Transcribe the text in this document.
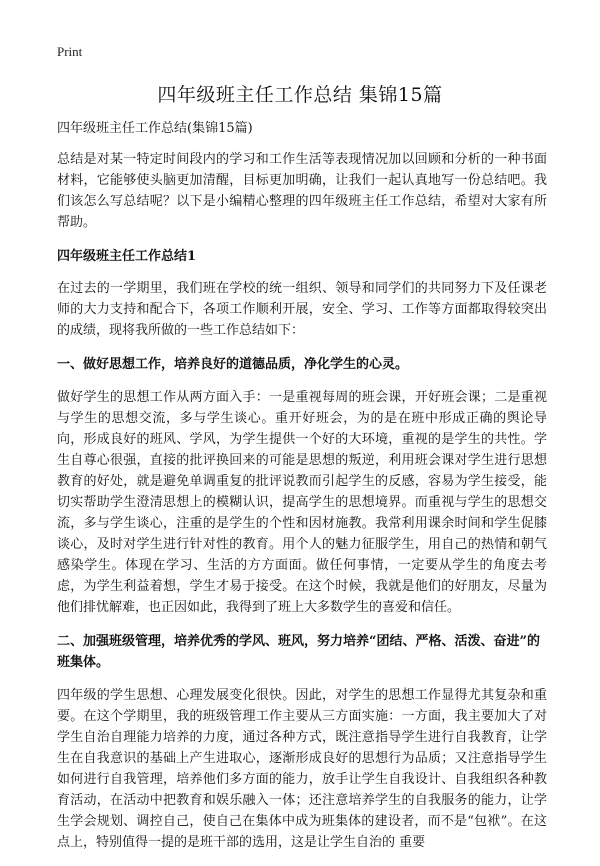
Print
四年级班主任工作总结 集锦15篇

四年级班主任工作总结(集锦15篇)

总结是对某一特定时间段内的学习和工作生活等表现情况加以回顾和分析的一种书面材料，它能够使头脑更加清醒，目标更加明确，让我们一起认真地写一份总结吧。我们该怎么写总结呢？以下是小编精心整理的四年级班主任工作总结，希望对大家有所帮助。

四年级班主任工作总结1

在过去的一学期里，我们班在学校的统一组织、领导和同学们的共同努力下及任课老师的大力支持和配合下，各项工作顺利开展，安全、学习、工作等方面都取得较突出的成绩，现将我所做的一些工作总结如下：

一、做好思想工作，培养良好的道德品质，净化学生的心灵。

做好学生的思想工作从两方面入手：一是重视每周的班会课，开好班会课；二是重视与学生的思想交流，多与学生谈心。重开好班会，为的是在班中形成正确的舆论导向，形成良好的班风、学风，为学生提供一个好的大环境，重视的是学生的共性。学生自尊心很强，直接的批评换回来的可能是思想的叛逆，利用班会课对学生进行思想教育的好处，就是避免单调重复的批评说教而引起学生的反感，容易为学生接受，能切实帮助学生澄清思想上的模糊认识，提高学生的思想境界。而重视与学生的思想交流，多与学生谈心，注重的是学生的个性和因材施教。我常利用课余时间和学生促膝谈心，及时对学生进行针对性的教育。用个人的魅力征服学生，用自己的热情和朝气感染学生。体现在学习、生活的方方面面。做任何事情，一定要从学生的角度去考虑，为学生利益着想，学生才易于接受。在这个时候，我就是他们的好朋友，尽量为他们排忧解难，也正因如此，我得到了班上大多数学生的喜爱和信任。

二、加强班级管理，培养优秀的学风、班风，努力培养“团结、严格、活泼、奋进”的班集体。

四年级的学生思想、心理发展变化很快。因此，对学生的思想工作显得尤其复杂和重要。在这个学期里，我的班级管理工作主要从三方面实施：一方面，我主要加大了对学生自治自理能力培养的力度，通过各种方式，既注意指导学生进行自我教育，让学生在自我意识的基础上产生进取心，逐渐形成良好的思想行为品质；又注意指导学生如何进行自我管理，培养他们多方面的能力，放手让学生自我设计、自我组织各种教育活动，在活动中把教育和娱乐融入一体；还注意培养学生的自我服务的能力，让学生学会规划、调控自己，使自己在集体中成为班集体的建设者，而不是“包袱”。在这点上，特别值得一提的是班干部的选用，这是让学生自治的 重要
